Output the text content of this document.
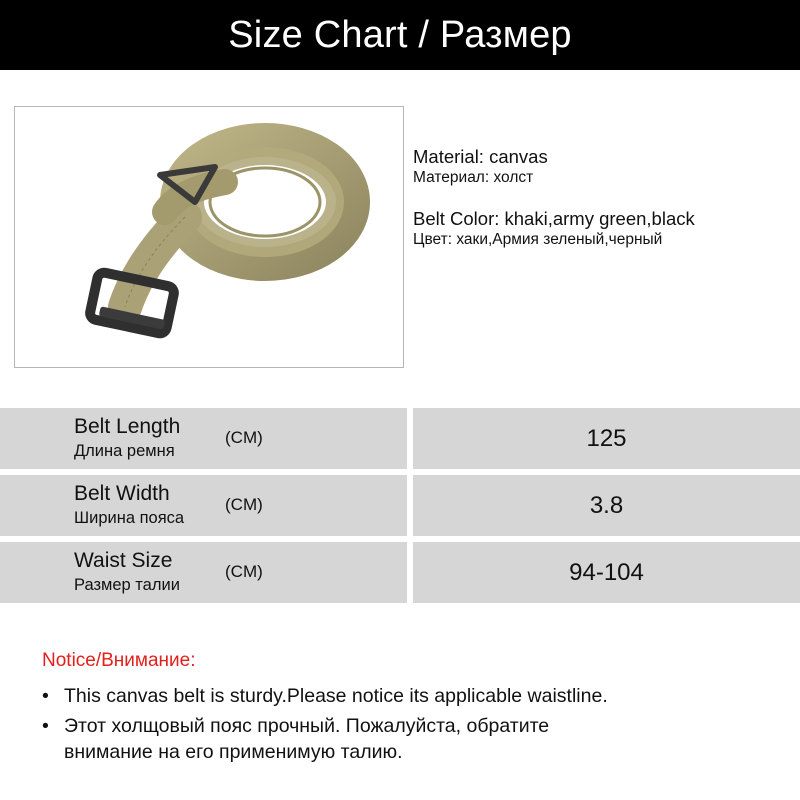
Size Chart / Размер
Material: canvas
Материал: холст
Belt Color: khaki,army green,black
Цвет: хаки,Армия зеленый,черный
Belt Length
Длина ремня
(CM)	125
Belt Width
Ширина пояса
(CM)	3.8
Waist Size
Размер талии
(CM)	94-104
Notice/Внимание:
• This canvas belt is sturdy.Please notice its applicable waistline.
• Этот холщовый пояс прочный. Пожалуйста, обратите
внимание на его применимую талию.
